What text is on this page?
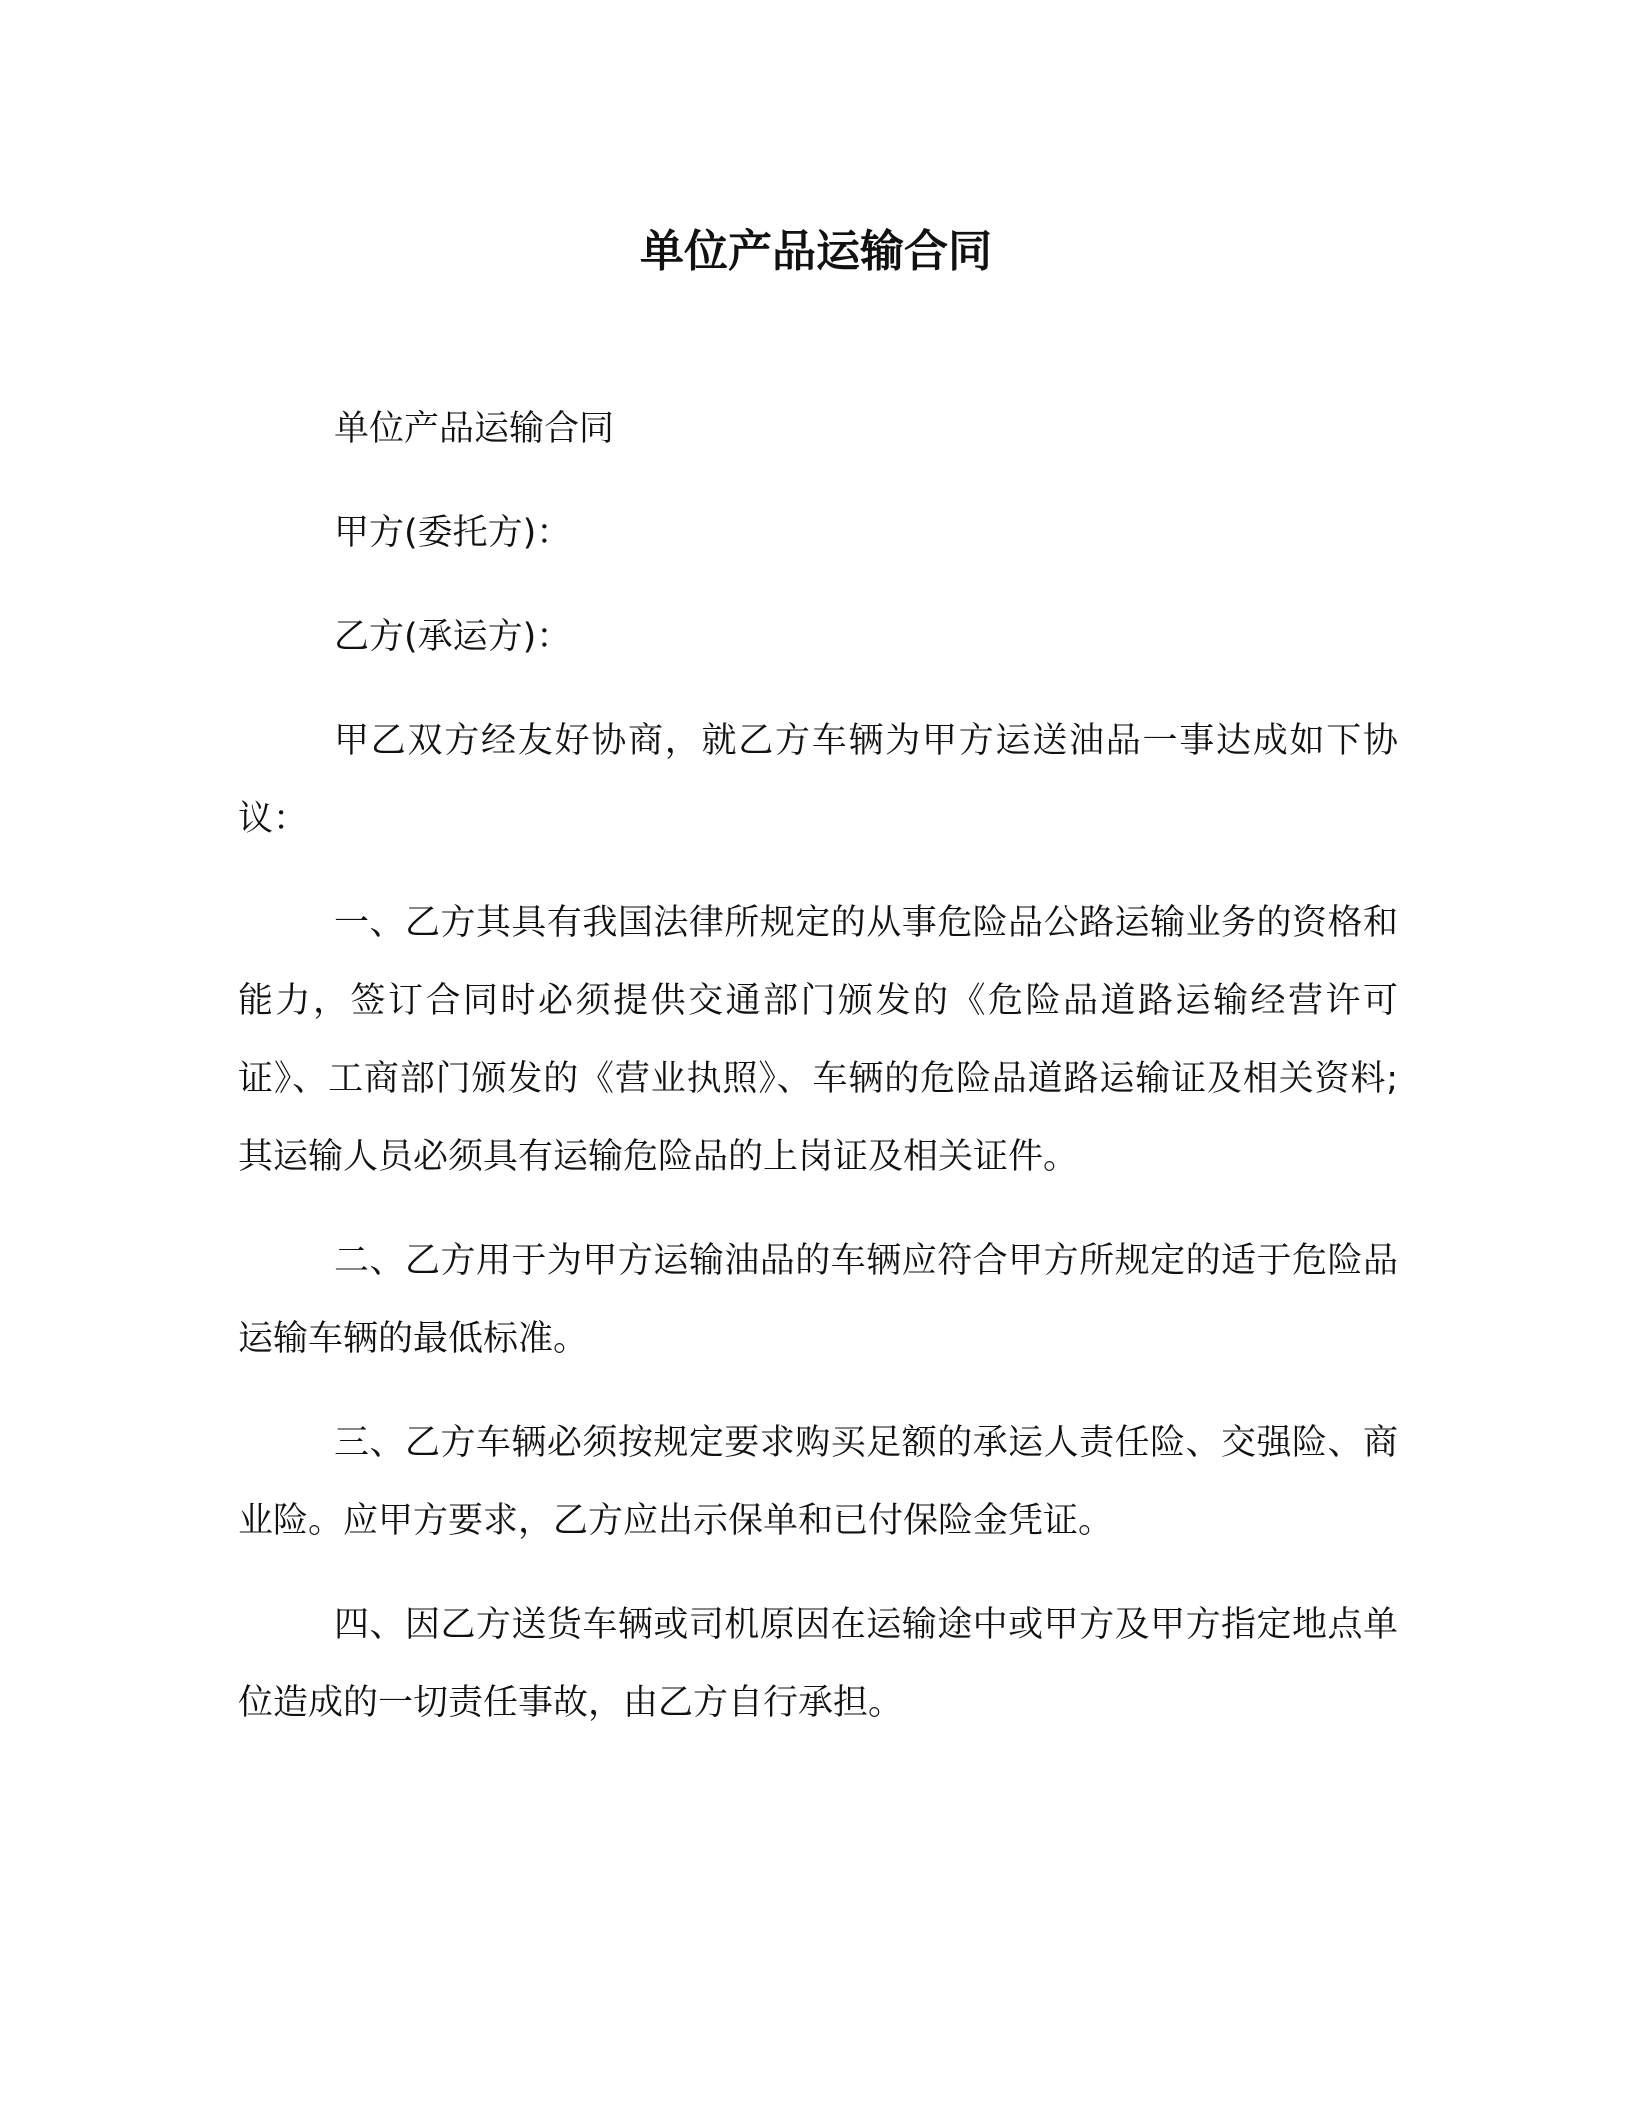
单位产品运输合同

单位产品运输合同

甲方(委托方)：

乙方(承运方)：

甲乙双方经友好协商，就乙方车辆为甲方运送油品一事达成如下协议：

一、乙方其具有我国法律所规定的从事危险品公路运输业务的资格和能力，签订合同时必须提供交通部门颁发的《危险品道路运输经营许可证》、工商部门颁发的《营业执照》、车辆的危险品道路运输证及相关资料;其运输人员必须具有运输危险品的上岗证及相关证件。

二、乙方用于为甲方运输油品的车辆应符合甲方所规定的适于危险品运输车辆的最低标准。

三、乙方车辆必须按规定要求购买足额的承运人责任险、交强险、商业险。应甲方要求，乙方应出示保单和已付保险金凭证。

四、因乙方送货车辆或司机原因在运输途中或甲方及甲方指定地点单位造成的一切责任事故，由乙方自行承担。
